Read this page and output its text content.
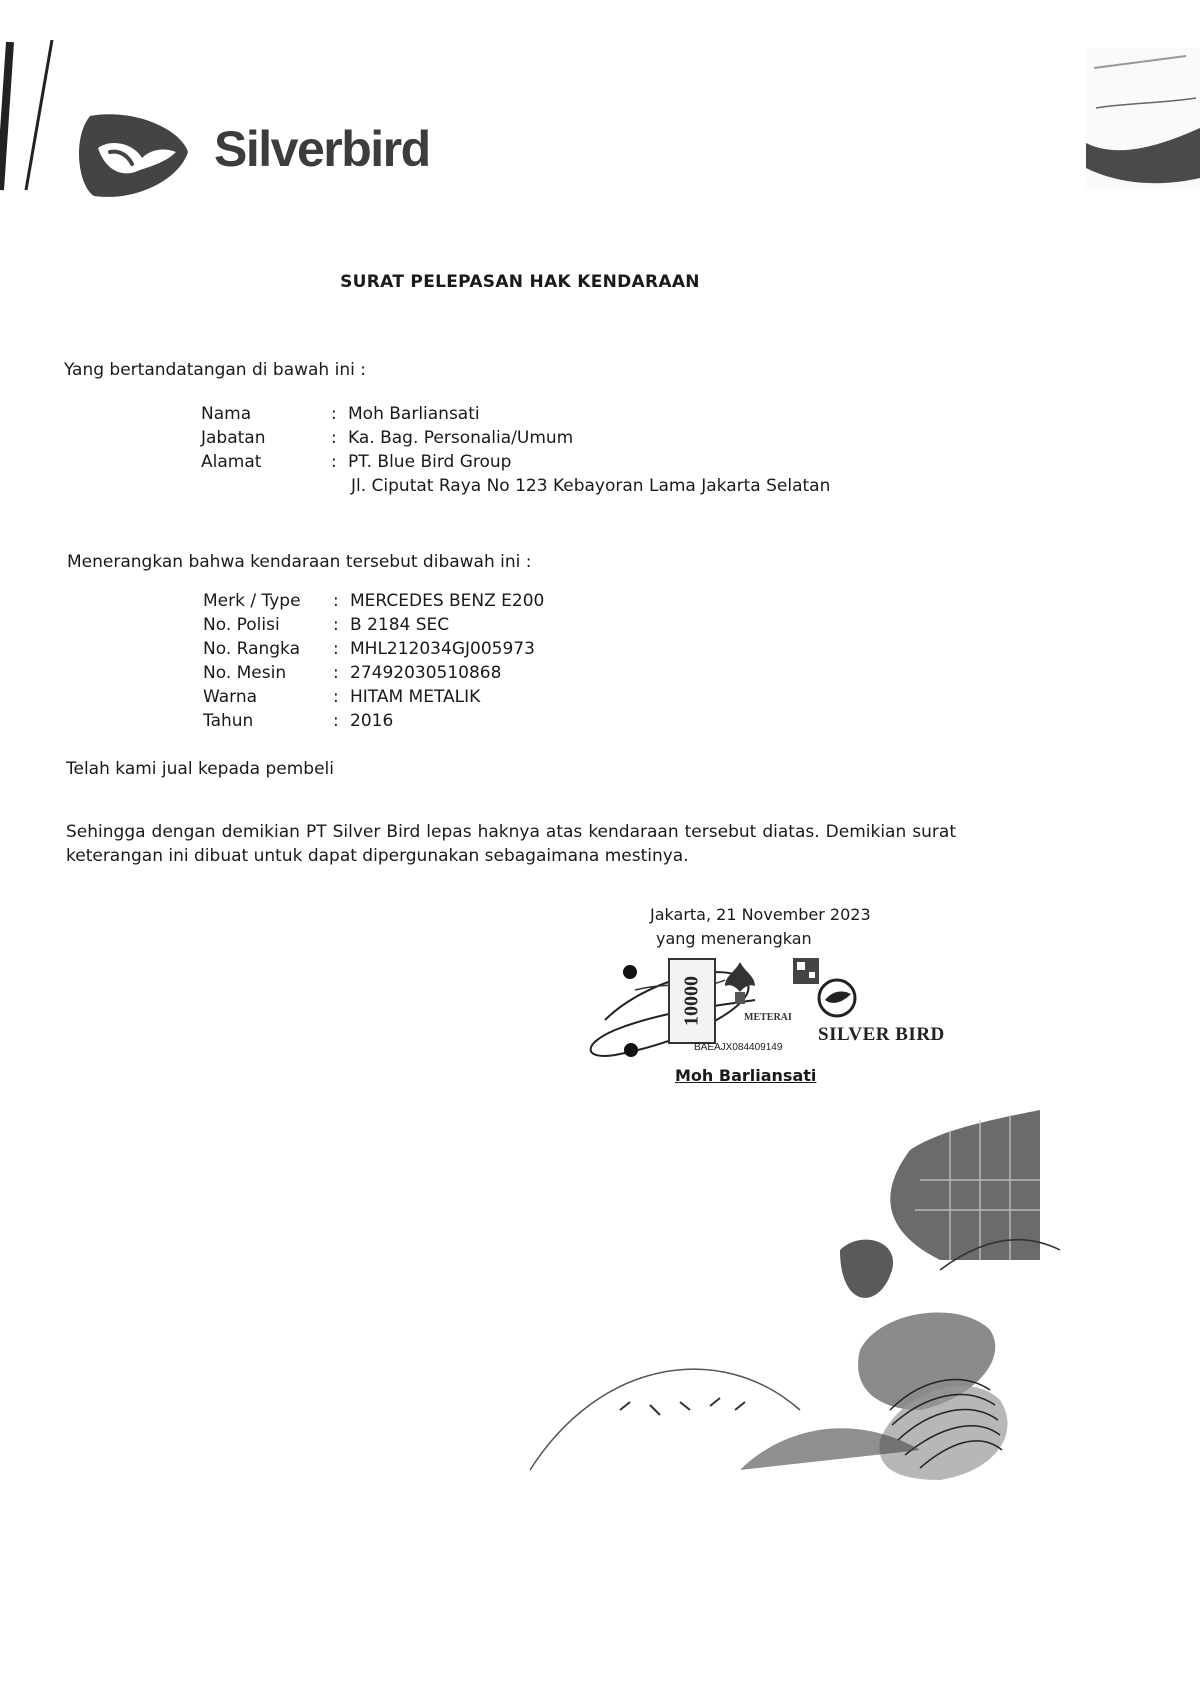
Silverbird
SURAT PELEPASAN HAK KENDARAAN
Yang bertandatangan di bawah ini :
Nama	: Moh Barliansati
Jabatan	: Ka. Bag. Personalia/Umum
Alamat	: PT. Blue Bird Group
Jl. Ciputat Raya No 123 Kebayoran Lama Jakarta Selatan
Menerangkan bahwa kendaraan tersebut dibawah ini :
Merk / Type : MERCEDES BENZ E200
No. Polisi	: B 2184 SEC
No. Rangka : MHL212034GJ005973
No. Mesin	: 27492030510868
Warna	: HITAM METALIK
Tahun	: 2016
Telah kami jual kepada pembeli
Sehingga dengan demikian PT Silver Bird lepas haknya atas kendaraan tersebut diatas. Demikian surat keterangan ini dibuat untuk dapat dipergunakan sebagaimana mestinya.
Jakarta, 21 November 2023
yang menerangkan
10000	METERAI
SILVER BIRD
BAEAJX084409149
Moh Barliansati
